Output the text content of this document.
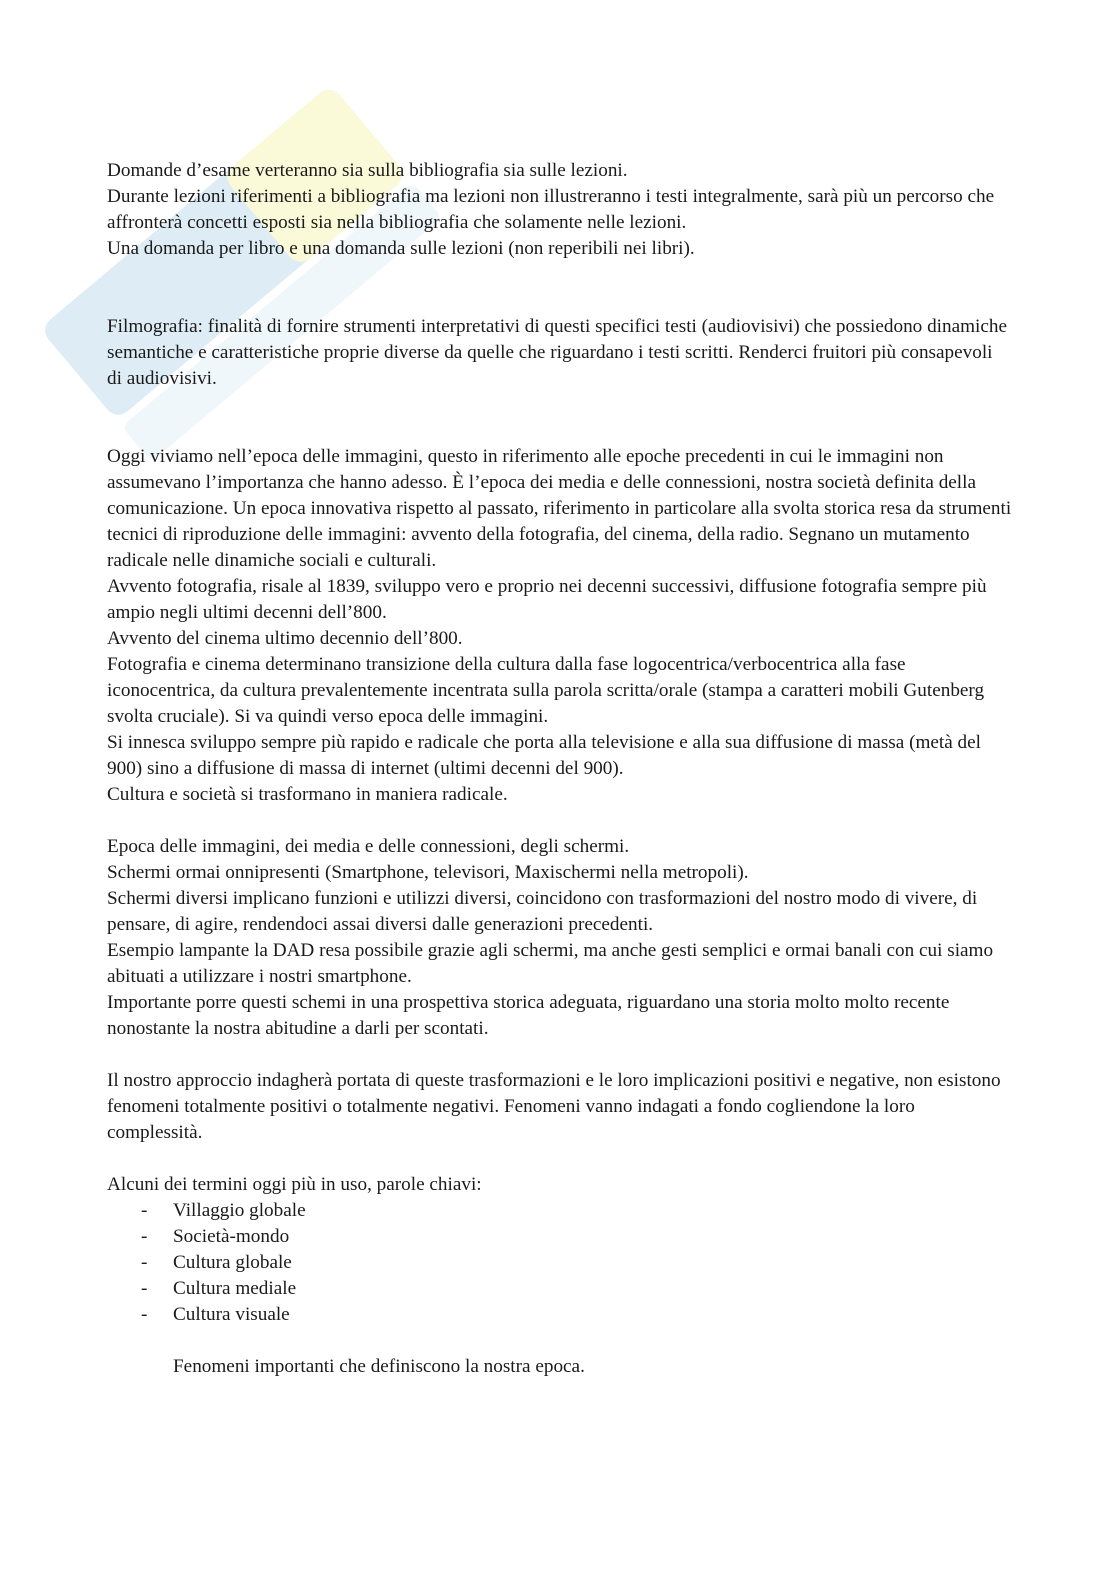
Domande d’esame verteranno sia sulla bibliografia sia sulle lezioni.

Durante lezioni riferimenti a bibliografia ma lezioni non illustreranno i testi integralmente, sarà più un percorso che affronterà concetti esposti sia nella bibliografia che solamente nelle lezioni.

Una domanda per libro e una domanda sulle lezioni (non reperibili nei libri).

Filmografia: finalità di fornire strumenti interpretativi di questi specifici testi (audiovisivi) che possiedono dinamiche semantiche e caratteristiche proprie diverse da quelle che riguardano i testi scritti. Renderci fruitori più consapevoli di audiovisivi.

Oggi viviamo nell’epoca delle immagini, questo in riferimento alle epoche precedenti in cui le immagini non assumevano l’importanza che hanno adesso. È l’epoca dei media e delle connessioni, nostra società definita della comunicazione. Un epoca innovativa rispetto al passato, riferimento in particolare alla svolta storica resa da strumenti tecnici di riproduzione delle immagini: avvento della fotografia, del cinema, della radio. Segnano un mutamento radicale nelle dinamiche sociali e culturali.

Avvento fotografia, risale al 1839, sviluppo vero e proprio nei decenni successivi, diffusione fotografia sempre più ampio negli ultimi decenni dell’800.

Avvento del cinema ultimo decennio dell’800.

Fotografia e cinema determinano transizione della cultura dalla fase logocentrica/verbocentrica alla fase iconocentrica, da cultura prevalentemente incentrata sulla parola scritta/orale (stampa a caratteri mobili Gutenberg svolta cruciale). Si va quindi verso epoca delle immagini.

Si innesca sviluppo sempre più rapido e radicale che porta alla televisione e alla sua diffusione di massa (metà del 900) sino a diffusione di massa di internet (ultimi decenni del 900).

Cultura e società si trasformano in maniera radicale.

Epoca delle immagini, dei media e delle connessioni, degli schermi.

Schermi ormai onnipresenti (Smartphone, televisori, Maxischermi nella metropoli).

Schermi diversi implicano funzioni e utilizzi diversi, coincidono con trasformazioni del nostro modo di vivere, di pensare, di agire, rendendoci assai diversi dalle generazioni precedenti.

Esempio lampante la DAD resa possibile grazie agli schermi, ma anche gesti semplici e ormai banali con cui siamo abituati a utilizzare i nostri smartphone.

Importante porre questi schemi in una prospettiva storica adeguata, riguardano una storia molto molto recente nonostante la nostra abitudine a darli per scontati.

Il nostro approccio indagherà portata di queste trasformazioni e le loro implicazioni positivi e negative, non esistono fenomeni totalmente positivi o totalmente negativi. Fenomeni vanno indagati a fondo cogliendone la loro complessità.

Alcuni dei termini oggi più in uso, parole chiavi:

- Villaggio globale
- Società-mondo
- Cultura globale
- Cultura mediale
- Cultura visuale

Fenomeni importanti che definiscono la nostra epoca.
